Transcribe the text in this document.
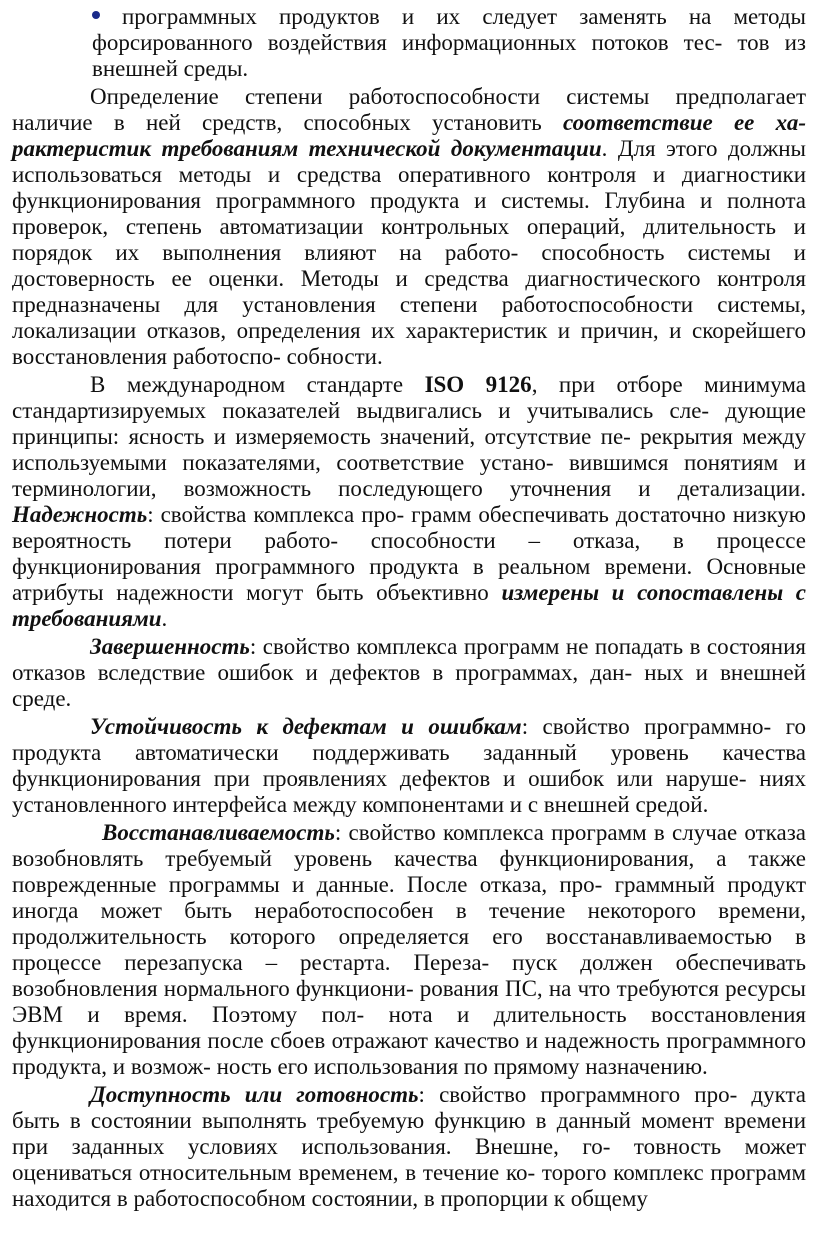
программных продуктов и их следует заменять на методы форсированного воздействия информационных потоков тес- тов из внешней среды.

Определение степени работоспособности системы предполагает наличие в ней средств, способных установить соответствие ее ха- рактеристик требованиям технической документации. Для этого должны использоваться методы и средства оперативного контроля и диагностики функционирования программного продукта и системы. Глубина и полнота проверок, степень автоматизации контрольных операций, длительность и порядок их выполнения влияют на работо- способность системы и достоверность ее оценки. Методы и средства диагностического контроля предназначены для установления степени работоспособности системы, локализации отказов, определения их характеристик и причин, и скорейшего восстановления работоспо- собности.

В международном стандарте ISO 9126, при отборе минимума стандартизируемых показателей выдвигались и учитывались сле- дующие принципы: ясность и измеряемость значений, отсутствие пе- рекрытия между используемыми показателями, соответствие устано- вившимся понятиям и терминологии, возможность последующего уточнения и детализации. Надежность: свойства комплекса про- грамм обеспечивать достаточно низкую вероятность потери работо- способности – отказа, в процессе функционирования программного продукта в реальном времени. Основные атрибуты надежности могут быть объективно измерены и сопоставлены с требованиями.

Завершенность: свойство комплекса программ не попадать в состояния отказов вследствие ошибок и дефектов в программах, дан- ных и внешней среде.

Устойчивость к дефектам и ошибкам: свойство программно- го продукта автоматически поддерживать заданный уровень качества функционирования при проявлениях дефектов и ошибок или наруше- ниях установленного интерфейса между компонентами и с внешней средой.

Восстанавливаемость: свойство комплекса программ в случае отказа возобновлять требуемый уровень качества функционирования, а также поврежденные программы и данные. После отказа, про- граммный продукт иногда может быть неработоспособен в течение некоторого времени, продолжительность которого определяется его восстанавливаемостью в процессе перезапуска – рестарта. Переза- пуск должен обеспечивать возобновления нормального функциони- рования ПС, на что требуются ресурсы ЭВМ и время. Поэтому пол- нота и длительность восстановления функционирования после сбоев отражают качество и надежность программного продукта, и возмож- ность его использования по прямому назначению.

Доступность или готовность: свойство программного про- дукта быть в состоянии выполнять требуемую функцию в данный момент времени при заданных условиях использования. Внешне, го- товность может оцениваться относительным временем, в течение ко- торого комплекс программ находится в работоспособном состоянии, в пропорции к общему
